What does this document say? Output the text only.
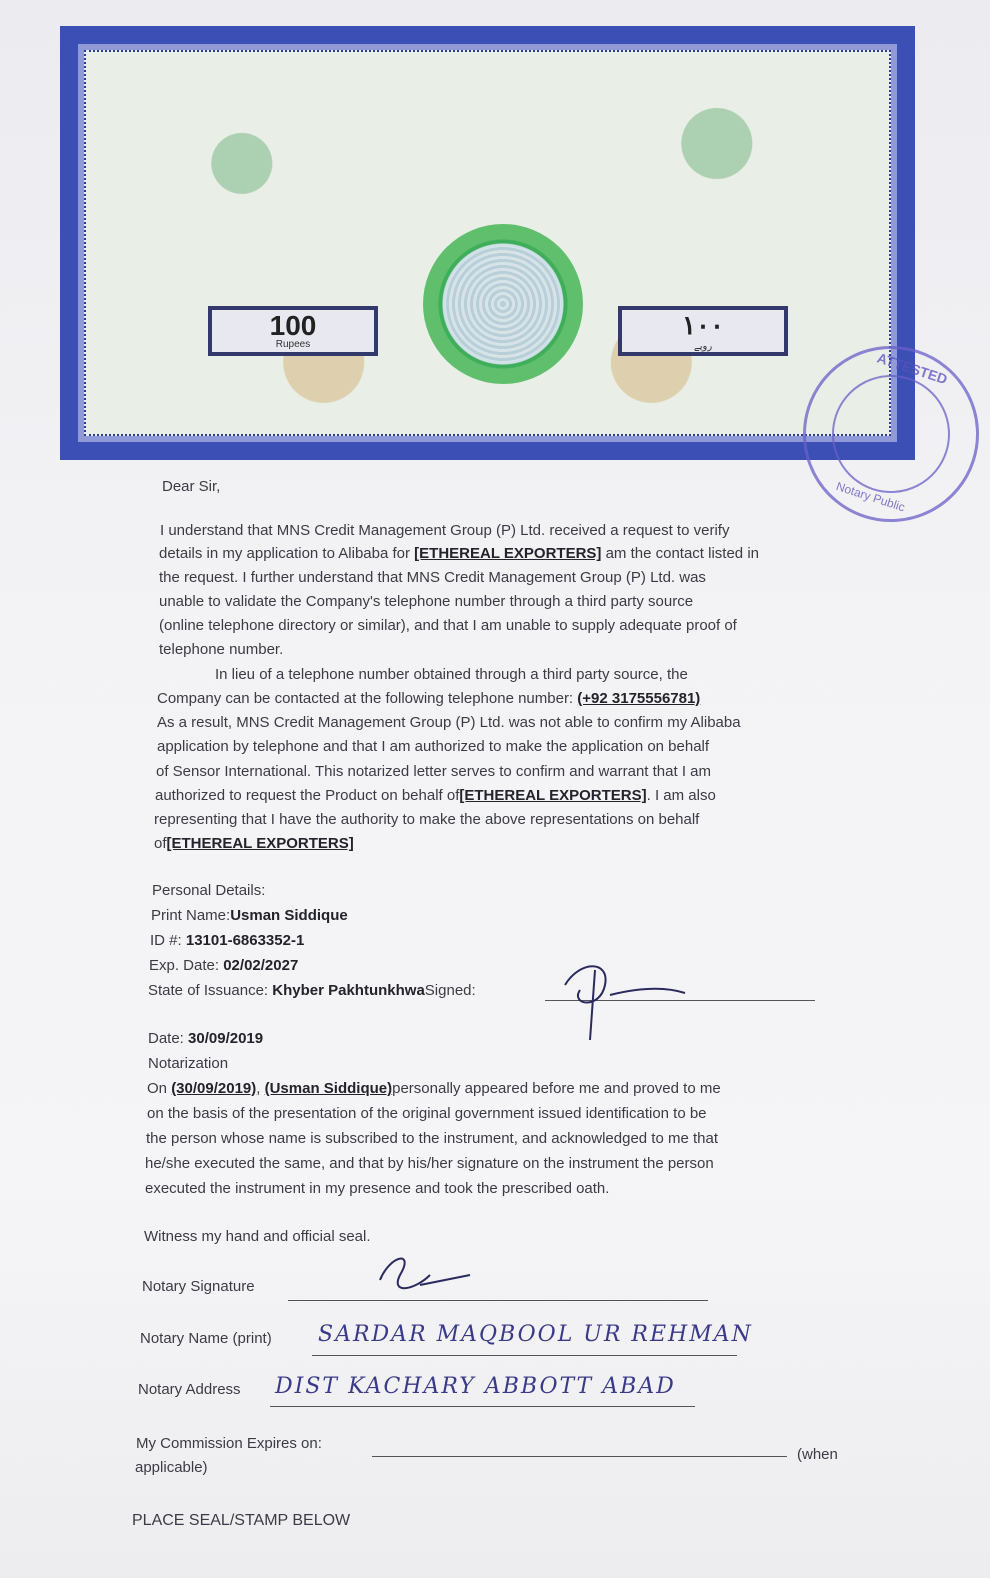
100
Rupees
١٠٠
روپے
ATTESTED
Notary Public
Dear Sir,
I understand that MNS Credit Management Group (P) Ltd. received a request to verify
details in my application to Alibaba for [ETHEREAL EXPORTERS] am the contact listed in
the request. I further understand that MNS Credit Management Group (P) Ltd. was
unable to validate the Company's telephone number through a third party source
(online telephone directory or similar), and that I am unable to supply adequate proof of
telephone number.
In lieu of a telephone number obtained through a third party source, the
Company can be contacted at the following telephone number: (+92 3175556781)
As a result, MNS Credit Management Group (P) Ltd. was not able to confirm my Alibaba
application by telephone and that I am authorized to make the application on behalf
of Sensor International. This notarized letter serves to confirm and warrant that I am
authorized to request the Product on behalf of[ETHEREAL EXPORTERS]. I am also
representing that I have the authority to make the above representations on behalf
of[ETHEREAL EXPORTERS]
Personal Details:
Print Name:Usman Siddique
ID #: 13101-6863352-1
Exp. Date: 02/02/2027
State of Issuance: Khyber PakhtunkhwaSigned:
Date: 30/09/2019
Notarization
On (30/09/2019), (Usman Siddique)personally appeared before me and proved to me
on the basis of the presentation of the original government issued identification to be
the person whose name is subscribed to the instrument, and acknowledged to me that
he/she executed the same, and that by his/her signature on the instrument the person
executed the instrument in my presence and took the prescribed oath.
Witness my hand and official seal.
Notary Signature
Notary Name (print) SARDAR MAQBOOL UR REHMAN
Notary Address DIST KACHARY ABBOTT ABAD
My Commission Expires on:
(when
applicable)
PLACE SEAL/STAMP BELOW
